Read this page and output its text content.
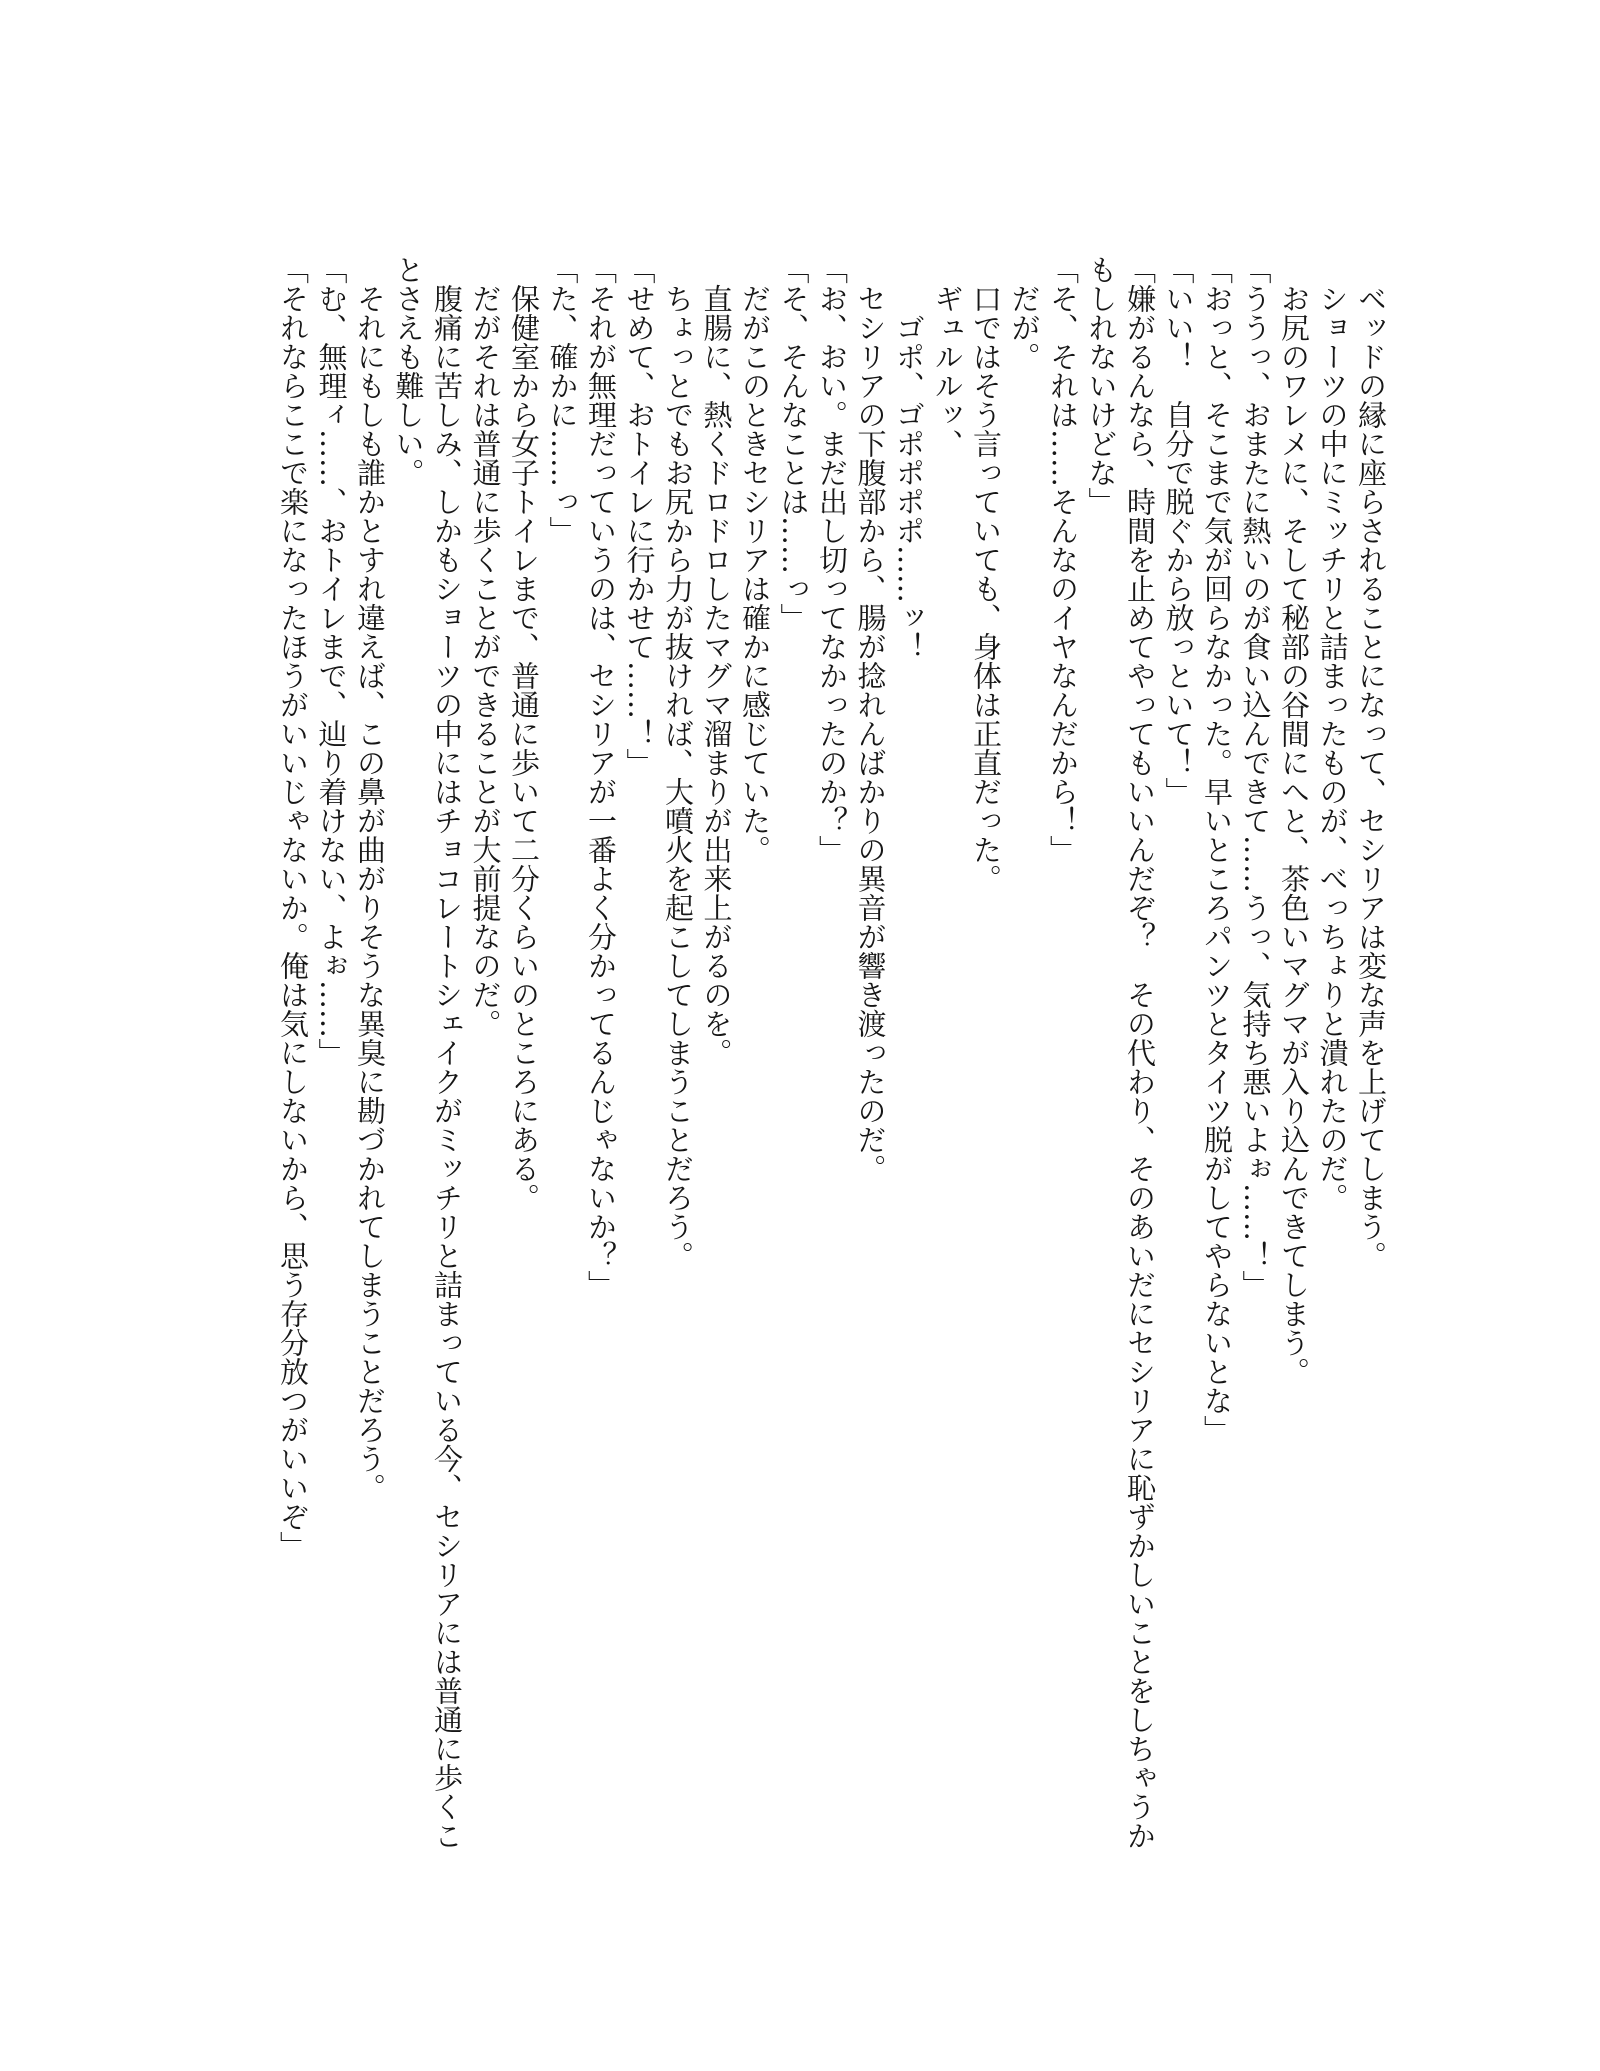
　ベッドの縁に座らされることになって、セシリアは変な声を上げてしまう。

　ショーツの中にミッチリと詰まったものが、べっちょりと潰れたのだ。

　お尻のワレメに、そして秘部の谷間にへと、茶色いマグマが入り込んできてしまう。

「ううっ、おまたに熱いのが食い込んできて……うっ、気持ち悪いよぉ……！」

「おっと、そこまで気が回らなかった。早いところパンツとタイツ脱がしてやらないとな」

「いい！　自分で脱ぐから放っといて！」

「嫌がるんなら、時間を止めてやってもいいんだぞ？　その代わり、そのあいだにセシリアに恥ずかしいことをしちゃうか

もしれないけどな」

「そ、それは……そんなのイヤなんだから！」

　だが。

　口ではそう言っていても、身体は正直だった。

　ギュルルッ、

　　ゴポ、ゴポポポポ……ッ！

　セシリアの下腹部から、腸が捻れんばかりの異音が響き渡ったのだ。

「お、おい。まだ出し切ってなかったのか？」

「そ、そんなことは……っ」

　だがこのときセシリアは確かに感じていた。

　直腸に、熱くドロドロしたマグマ溜まりが出来上がるのを。

　ちょっとでもお尻から力が抜ければ、大噴火を起こしてしまうことだろう。

「せめて、おトイレに行かせて……！」

「それが無理だっていうのは、セシリアが一番よく分かってるんじゃないか？」

「た、確かに……っ」

　保健室から女子トイレまで、普通に歩いて二分くらいのところにある。

　だがそれは普通に歩くことができることが大前提なのだ。

　腹痛に苦しみ、しかもショーツの中にはチョコレートシェイクがミッチリと詰まっている今、セシリアには普通に歩くこ

とさえも難しい。

　それにもしも誰かとすれ違えば、この鼻が曲がりそうな異臭に勘づかれてしまうことだろう。

「む、無理ィ……、おトイレまで、辿り着けない、よぉ……」

「それならここで楽になったほうがいいじゃないか。俺は気にしないから、思う存分放つがいいぞ」
